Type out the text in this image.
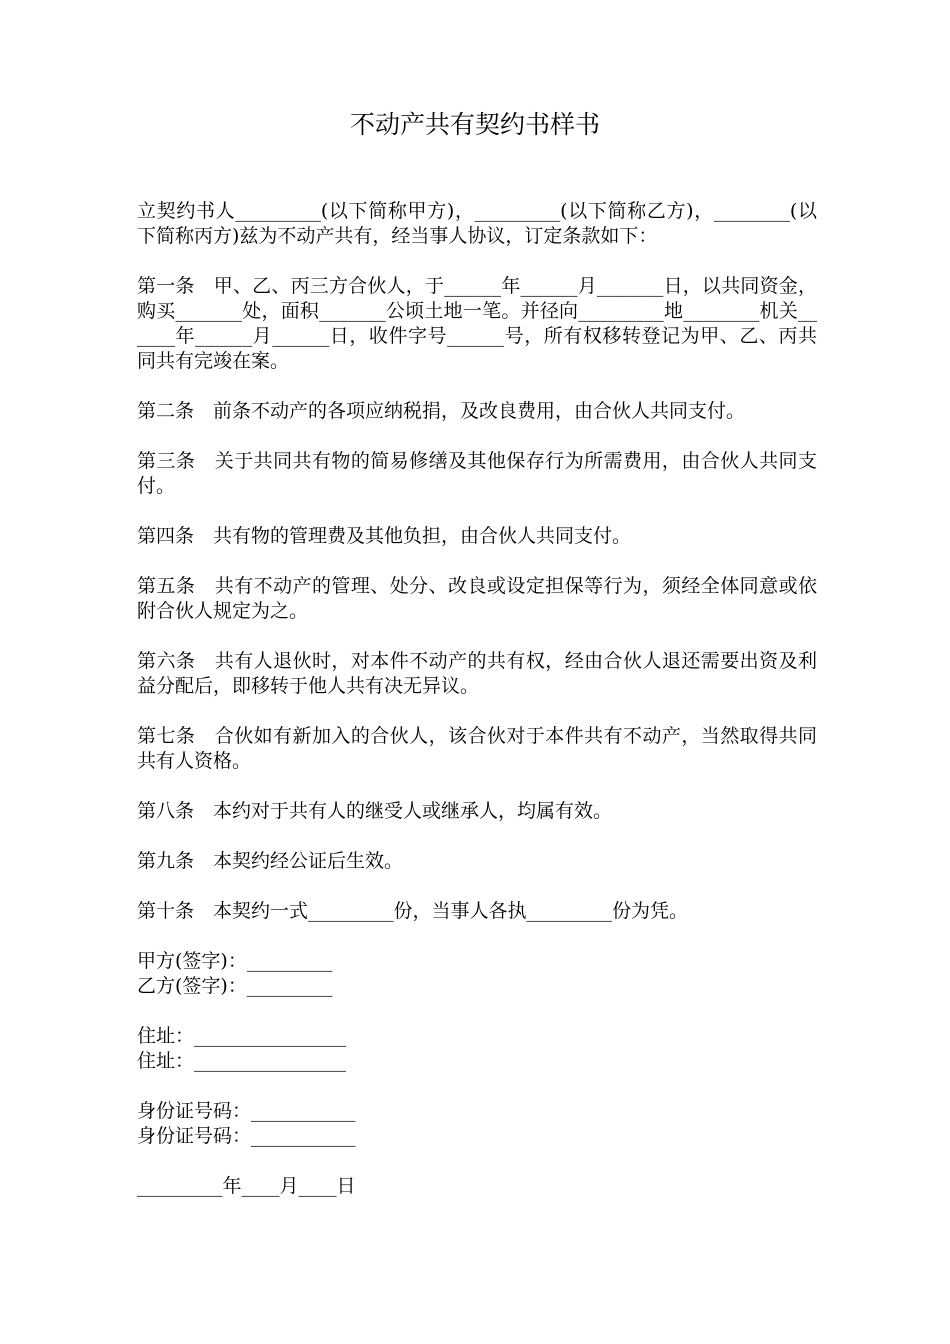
不动产共有契约书样书

立契约书人_________(以下简称甲方)，_________(以下简称乙方)，________(以下简称丙方)兹为不动产共有，经当事人协议，订定条款如下：

第一条　甲、乙、丙三方合伙人，于______年______月_______日，以共同资金，购买_______处，面积_______公顷土地一笔。并径向_________地________机关______年______月______日，收件字号______号，所有权移转登记为甲、乙、丙共同共有完竣在案。

第二条　前条不动产的各项应纳税捐，及改良费用，由合伙人共同支付。

第三条　关于共同共有物的简易修缮及其他保存行为所需费用，由合伙人共同支付。

第四条　共有物的管理费及其他负担，由合伙人共同支付。

第五条　共有不动产的管理、处分、改良或设定担保等行为，须经全体同意或依附合伙人规定为之。

第六条　共有人退伙时，对本件不动产的共有权，经由合伙人退还需要出资及利益分配后，即移转于他人共有决无异议。

第七条　合伙如有新加入的合伙人，该合伙对于本件共有不动产，当然取得共同共有人资格。

第八条　本约对于共有人的继受人或继承人，均属有效。

第九条　本契约经公证后生效。

第十条　本契约一式_________份，当事人各执_________份为凭。

甲方(签字)：_________

乙方(签字)：_________

住址：________________

住址：________________

身份证号码：___________

身份证号码：___________

_________年____月____日
